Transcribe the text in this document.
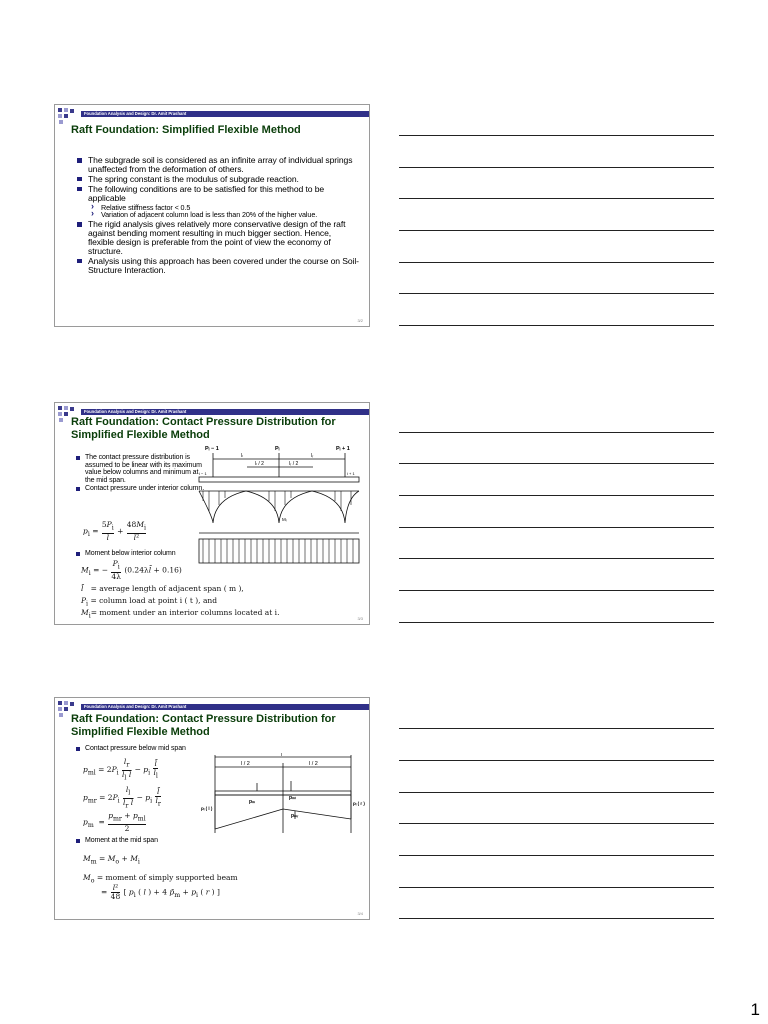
Foundation Analysis and Design: Dr. Amit Prashant
Raft Foundation: Simplified Flexible Method
The subgrade soil is considered as an infinite array of individual springs unaffected from the deformation of others.
The spring constant is the modulus of subgrade reaction.
The following conditions are to be satisfied for this method to be applicable
› Relative stiffness factor < 0.5
› Variation of adjacent column load is less than 20% of the higher value.
The rigid analysis gives relatively more conservative design of the raft against bending moment resulting in much bigger section. Hence, flexible design is preferable from the point of view the economy of structure.
Analysis using this approach has been covered under the course on Soil-Structure Interaction.
3/2
Foundation Analysis and Design: Dr. Amit Prashant
Raft Foundation: Contact Pressure Distribution for Simplified Flexible Method
The contact pressure distribution is assumed to be linear with its maximum value below columns and minimum at the mid span.
Contact pressure under interior column.
$p_i = \frac{5P_i}{l̄} + \frac{48M_i}{\text{l̄²}}$
Moment below interior column
$M_i$ = − $\frac{P_i}{4\lambda}$ (0.24λl̄ + 0.16)
l̄ = average length of adjacent span ( m ),
$P_i$ = column load at point i ( t ), and
$M_i=$ moment under an interior columns located at i.
Pᵢ − 1	Pᵢ	Pᵢ + 1
lₗ
lₗ / 2	lᵣ / 2
lᵣ
i − 1	i + 1
Mᵢ
3/3
Foundation Analysis and Design: Dr. Amit Prashant
Raft Foundation: Contact Pressure Distribution for Simplified Flexible Method
Contact pressure below mid span
$p_{ml} = 2P_i \frac{l_r}{l_l l̄} - p_i \frac{l̄}{l_l}$
$p_{mr} = 2P_i \frac{l_l}{l_r l̄} - p_i \frac{l̄}{l_r}$
$p_m = \frac{p_{mr} + p_{ml}}{2}$
Moment at the mid span
$M_m = M_o + M_i$
$M_o$ = moment of simply supported beam
= $\frac{\text{l²}}{48}$ [ $p_i$ ( l ) + 4 $p̄_m + p_i$ ( r ) ]
l
l / 2	l / 2
pₘ
pₘₗ
pₘᵣ
pᵢ ( l )
pᵢ ( r )
3/4
1
